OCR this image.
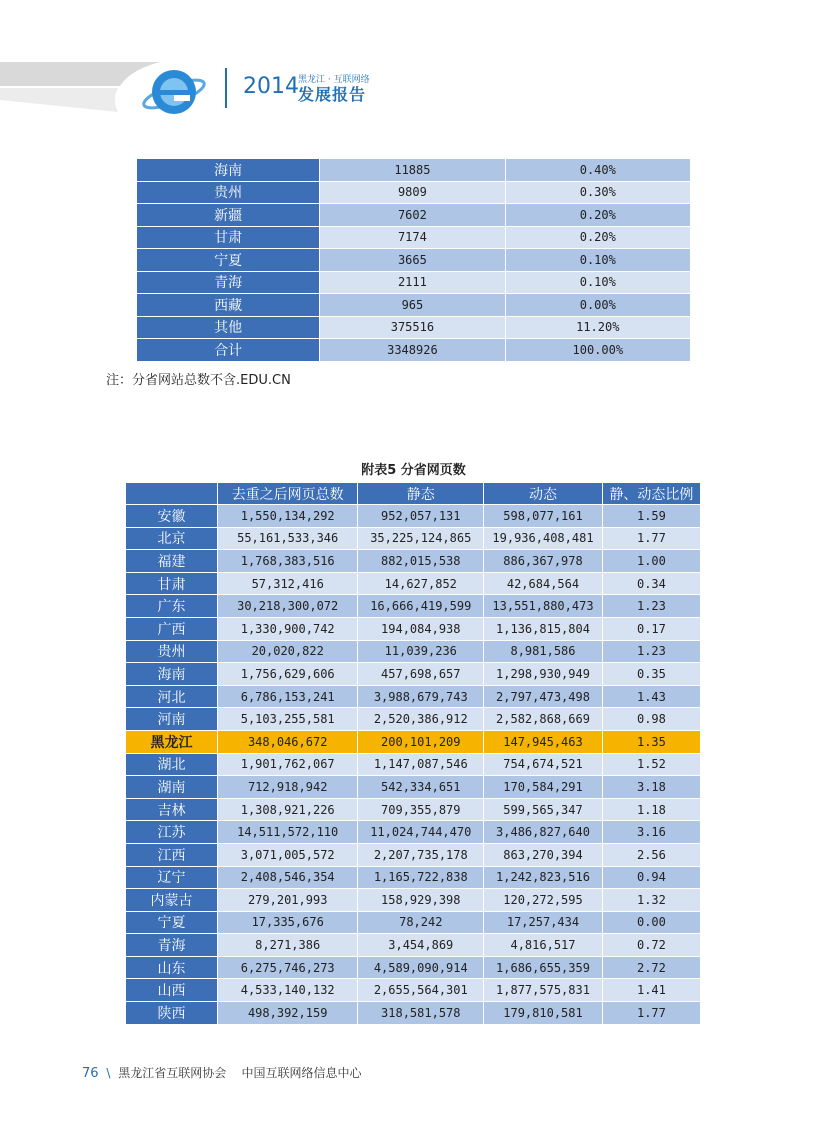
2014 黑龙江 · 互联网络
发展报告
海南	11885	0.40%
贵州	9809	0.30%
新疆	7602	0.20%
甘肃	7174	0.20%
宁夏	3665	0.10%
青海	2111	0.10%
西藏	965	0.00%
其他	375516	11.20%
合计	3348926	100.00%
注：分省网站总数不含.EDU.CN
附表5 分省网页数
	去重之后网页总数	静态	动态	静、动态比例
安徽	1,550,134,292	952,057,131	598,077,161	1.59
北京	55,161,533,346	35,225,124,865	19,936,408,481	1.77
福建	1,768,383,516	882,015,538	886,367,978	1.00
甘肃	57,312,416	14,627,852	42,684,564	0.34
广东	30,218,300,072	16,666,419,599	13,551,880,473	1.23
广西	1,330,900,742	194,084,938	1,136,815,804	0.17
贵州	20,020,822	11,039,236	8,981,586	1.23
海南	1,756,629,606	457,698,657	1,298,930,949	0.35
河北	6,786,153,241	3,988,679,743	2,797,473,498	1.43
河南	5,103,255,581	2,520,386,912	2,582,868,669	0.98
黑龙江	348,046,672	200,101,209	147,945,463	1.35
湖北	1,901,762,067	1,147,087,546	754,674,521	1.52
湖南	712,918,942	542,334,651	170,584,291	3.18
吉林	1,308,921,226	709,355,879	599,565,347	1.18
江苏	14,511,572,110	11,024,744,470	3,486,827,640	3.16
江西	3,071,005,572	2,207,735,178	863,270,394	2.56
辽宁	2,408,546,354	1,165,722,838	1,242,823,516	0.94
内蒙古	279,201,993	158,929,398	120,272,595	1.32
宁夏	17,335,676	78,242	17,257,434	0.00
青海	8,271,386	3,454,869	4,816,517	0.72
山东	6,275,746,273	4,589,090,914	1,686,655,359	2.72
山西	4,533,140,132	2,655,564,301	1,877,575,831	1.41
陕西	498,392,159	318,581,578	179,810,581	1.77
76 \ 黑龙江省互联网协会 中国互联网络信息中心
